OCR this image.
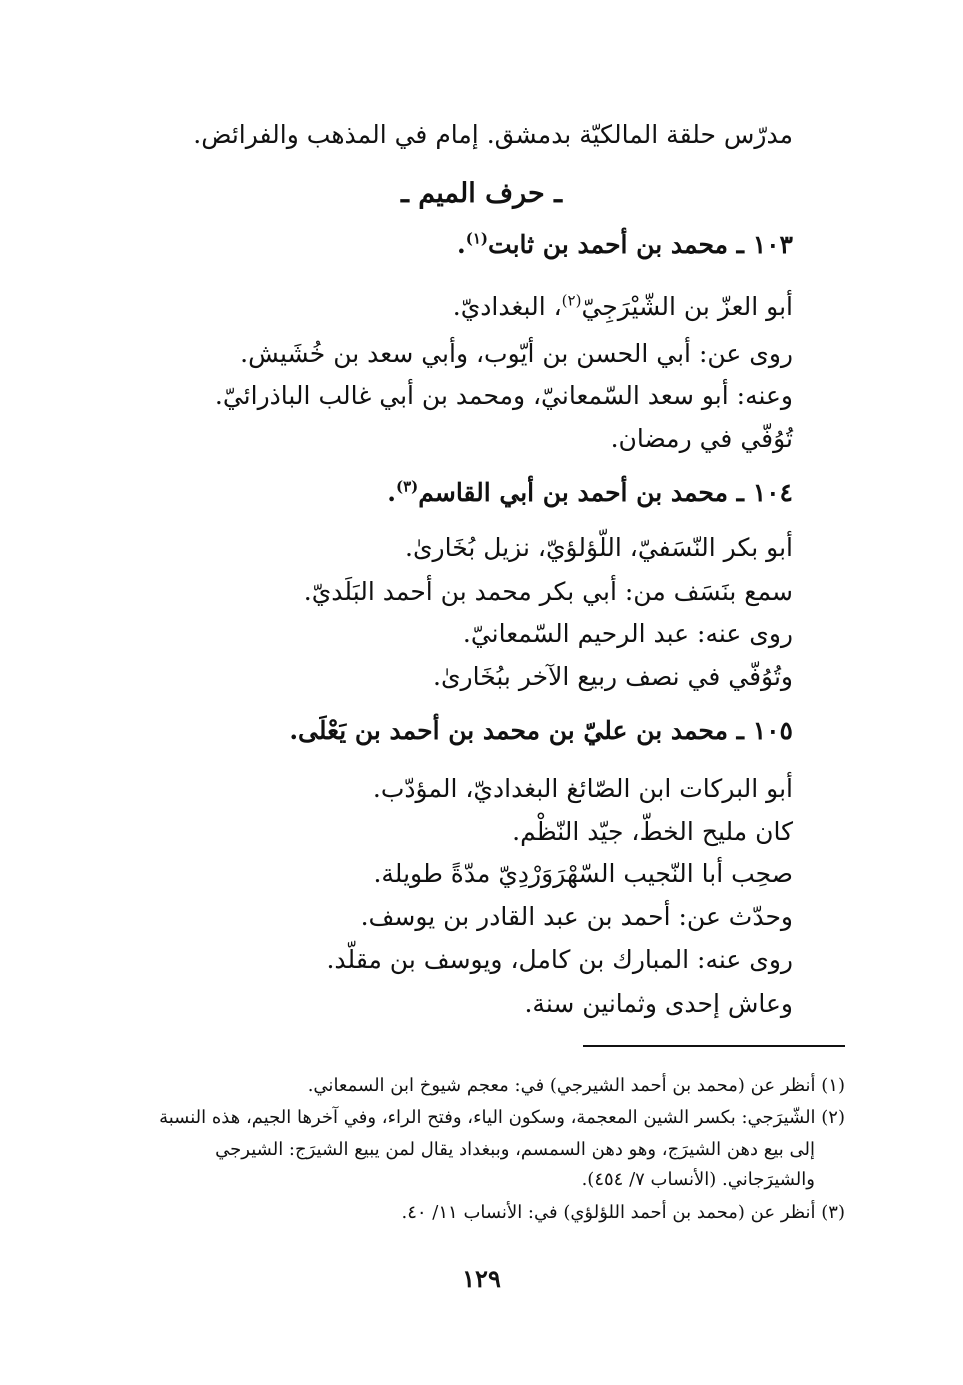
مدرّس حلقة المالكيّة بدمشق. إمام في المذهب والفرائض.
ـ حرف الميم ـ
١٠٣ ـ محمد بن أحمد بن ثابت$^{(١)}$.
أبو العزّ بن الشّيْرَجِيّ$^{(٢)}$، البغداديّ.
روى عن: أبي الحسن بن أيّوب، وأبي سعد بن خُشَيش.
وعنه: أبو سعد السّمعانيّ، ومحمد بن أبي غالب الباذرائيّ.
تُوُفّي في رمضان.
١٠٤ ـ محمد بن أحمد بن أبي القاسم$^{(٣)}$.
أبو بكر النّسَفيّ، اللّؤلؤيّ، نزيل بُخَارىٰ.
سمع بنَسَف من: أبي بكر محمد بن أحمد البَلَديّ.
روى عنه: عبد الرحيم السّمعانيّ.
وتُوُفّي في نصف ربيع الآخر ببُخَارىٰ.
١٠٥ ـ محمد بن عليّ بن محمد بن أحمد بن يَعْلَى.
أبو البركات ابن الصّائغ البغداديّ، المؤدّب.
كان مليح الخطّ، جيّد النّظْم.
صحِب أبا النّجيب السّهْرَوَرْدِيّ مدّةً طويلة.
وحدّث عن: أحمد بن عبد القادر بن يوسف.
روى عنه: المبارك بن كامل، ويوسف بن مقلّد.
وعاش إحدى وثمانين سنة.
(١) أنظر عن (محمد بن أحمد الشيرجي) في: معجم شيوخ ابن السمعاني.
(٢) الشّيرَجي: بكسر الشين المعجمة، وسكون الياء، وفتح الراء، وفي آخرها الجيم، هذه النسبة
إلى بيع دهن الشيرَج، وهو دهن السمسم، وببغداد يقال لمن يبيع الشيرَج: الشيرجي
والشيرَجاني. (الأنساب ٧/ ٤٥٤).
(٣) أنظر عن (محمد بن أحمد اللؤلؤي) في: الأنساب ١١/ ٤٠.
١٢٩
